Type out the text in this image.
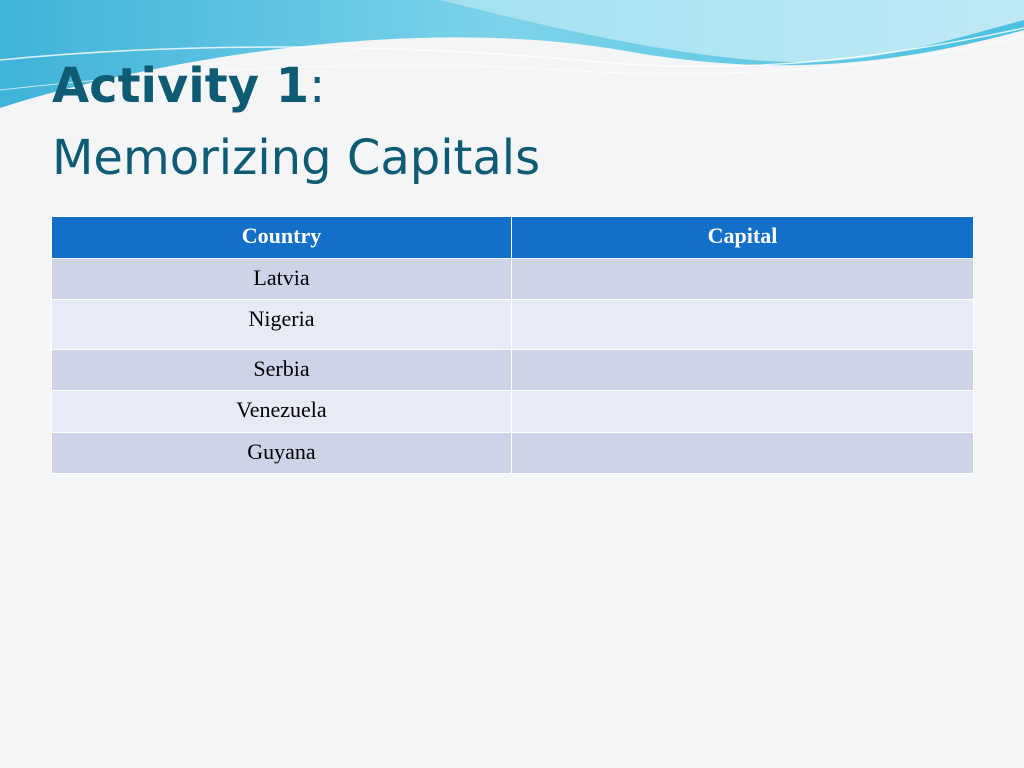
Activity 1:
Memorizing Capitals
Country	Capital
Latvia	
Nigeria	
Serbia	
Venezuela	
Guyana	
